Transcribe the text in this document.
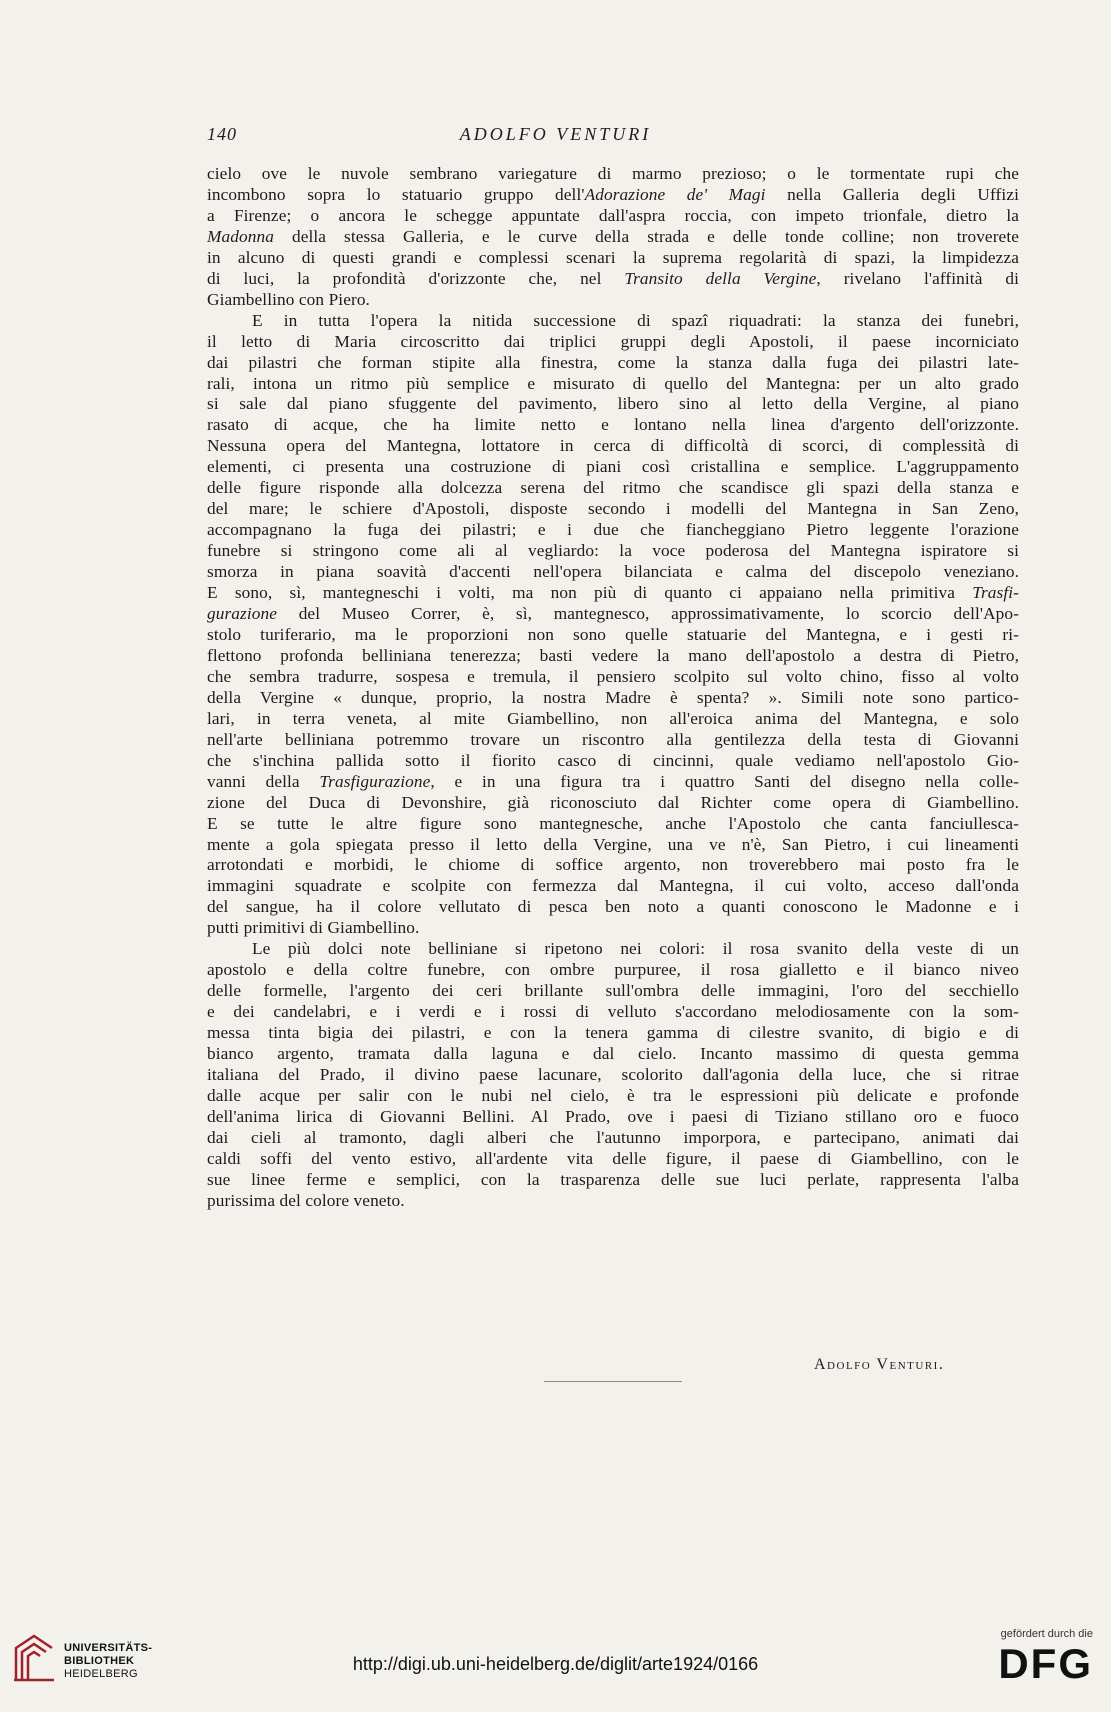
140	ADOLFO VENTURI
cielo ove le nuvole sembrano variegature di marmo prezioso; o le tormentate rupi che
incombono sopra lo statuario gruppo dell'Adorazione de' Magi nella Galleria degli Uffizi
a Firenze; o ancora le schegge appuntate dall'aspra roccia, con impeto trionfale, dietro la
Madonna della stessa Galleria, e le curve della strada e delle tonde colline; non troverete
in alcuno di questi grandi e complessi scenari la suprema regolarità di spazi, la limpidezza
di luci, la profondità d'orizzonte che, nel Transito della Vergine, rivelano l'affinità di
Giambellino con Piero.
E in tutta l'opera la nitida successione di spazî riquadrati: la stanza dei funebri,
il letto di Maria circoscritto dai triplici gruppi degli Apostoli, il paese incorniciato
dai pilastri che forman stipite alla finestra, come la stanza dalla fuga dei pilastri late-
rali, intona un ritmo più semplice e misurato di quello del Mantegna: per un alto grado
si sale dal piano sfuggente del pavimento, libero sino al letto della Vergine, al piano
rasato di acque, che ha limite netto e lontano nella linea d'argento dell'orizzonte.
Nessuna opera del Mantegna, lottatore in cerca di difficoltà di scorci, di complessità di
elementi, ci presenta una costruzione di piani così cristallina e semplice. L'aggruppamento
delle figure risponde alla dolcezza serena del ritmo che scandisce gli spazi della stanza e
del mare; le schiere d'Apostoli, disposte secondo i modelli del Mantegna in San Zeno,
accompagnano la fuga dei pilastri; e i due che fiancheggiano Pietro leggente l'orazione
funebre si stringono come ali al vegliardo: la voce poderosa del Mantegna ispiratore si
smorza in piana soavità d'accenti nell'opera bilanciata e calma del discepolo veneziano.
E sono, sì, mantegneschi i volti, ma non più di quanto ci appaiano nella primitiva Trasfi-
gurazione del Museo Correr, è, sì, mantegnesco, approssimativamente, lo scorcio dell'Apo-
stolo turiferario, ma le proporzioni non sono quelle statuarie del Mantegna, e i gesti ri-
flettono profonda belliniana tenerezza; basti vedere la mano dell'apostolo a destra di Pietro,
che sembra tradurre, sospesa e tremula, il pensiero scolpito sul volto chino, fisso al volto
della Vergine « dunque, proprio, la nostra Madre è spenta? ». Simili note sono partico-
lari, in terra veneta, al mite Giambellino, non all'eroica anima del Mantegna, e solo
nell'arte belliniana potremmo trovare un riscontro alla gentilezza della testa di Giovanni
che s'inchina pallida sotto il fiorito casco di cincinni, quale vediamo nell'apostolo Gio-
vanni della Trasfigurazione, e in una figura tra i quattro Santi del disegno nella colle-
zione del Duca di Devonshire, già riconosciuto dal Richter come opera di Giambellino.
E se tutte le altre figure sono mantegnesche, anche l'Apostolo che canta fanciullesca-
mente a gola spiegata presso il letto della Vergine, una ve n'è, San Pietro, i cui lineamenti
arrotondati e morbidi, le chiome di soffice argento, non troverebbero mai posto fra le
immagini squadrate e scolpite con fermezza dal Mantegna, il cui volto, acceso dall'onda
del sangue, ha il colore vellutato di pesca ben noto a quanti conoscono le Madonne e i
putti primitivi di Giambellino.
Le più dolci note belliniane si ripetono nei colori: il rosa svanito della veste di un
apostolo e della coltre funebre, con ombre purpuree, il rosa gialletto e il bianco niveo
delle formelle, l'argento dei ceri brillante sull'ombra delle immagini, l'oro del secchiello
e dei candelabri, e i verdi e i rossi di velluto s'accordano melodiosamente con la som-
messa tinta bigia dei pilastri, e con la tenera gamma di cilestre svanito, di bigio e di
bianco argento, tramata dalla laguna e dal cielo. Incanto massimo di questa gemma
italiana del Prado, il divino paese lacunare, scolorito dall'agonia della luce, che si ritrae
dalle acque per salir con le nubi nel cielo, è tra le espressioni più delicate e profonde
dell'anima lirica di Giovanni Bellini. Al Prado, ove i paesi di Tiziano stillano oro e fuoco
dai cieli al tramonto, dagli alberi che l'autunno imporpora, e partecipano, animati dai
caldi soffi del vento estivo, all'ardente vita delle figure, il paese di Giambellino, con le
sue linee ferme e semplici, con la trasparenza delle sue luci perlate, rappresenta l'alba
purissima del colore veneto.
Adolfo Venturi.
UNIVERSITÄTS-
BIBLIOTHEK
HEIDELBERG	http://digi.ub.uni-heidelberg.de/diglit/arte1924/0166
gefördert durch die
DFG
